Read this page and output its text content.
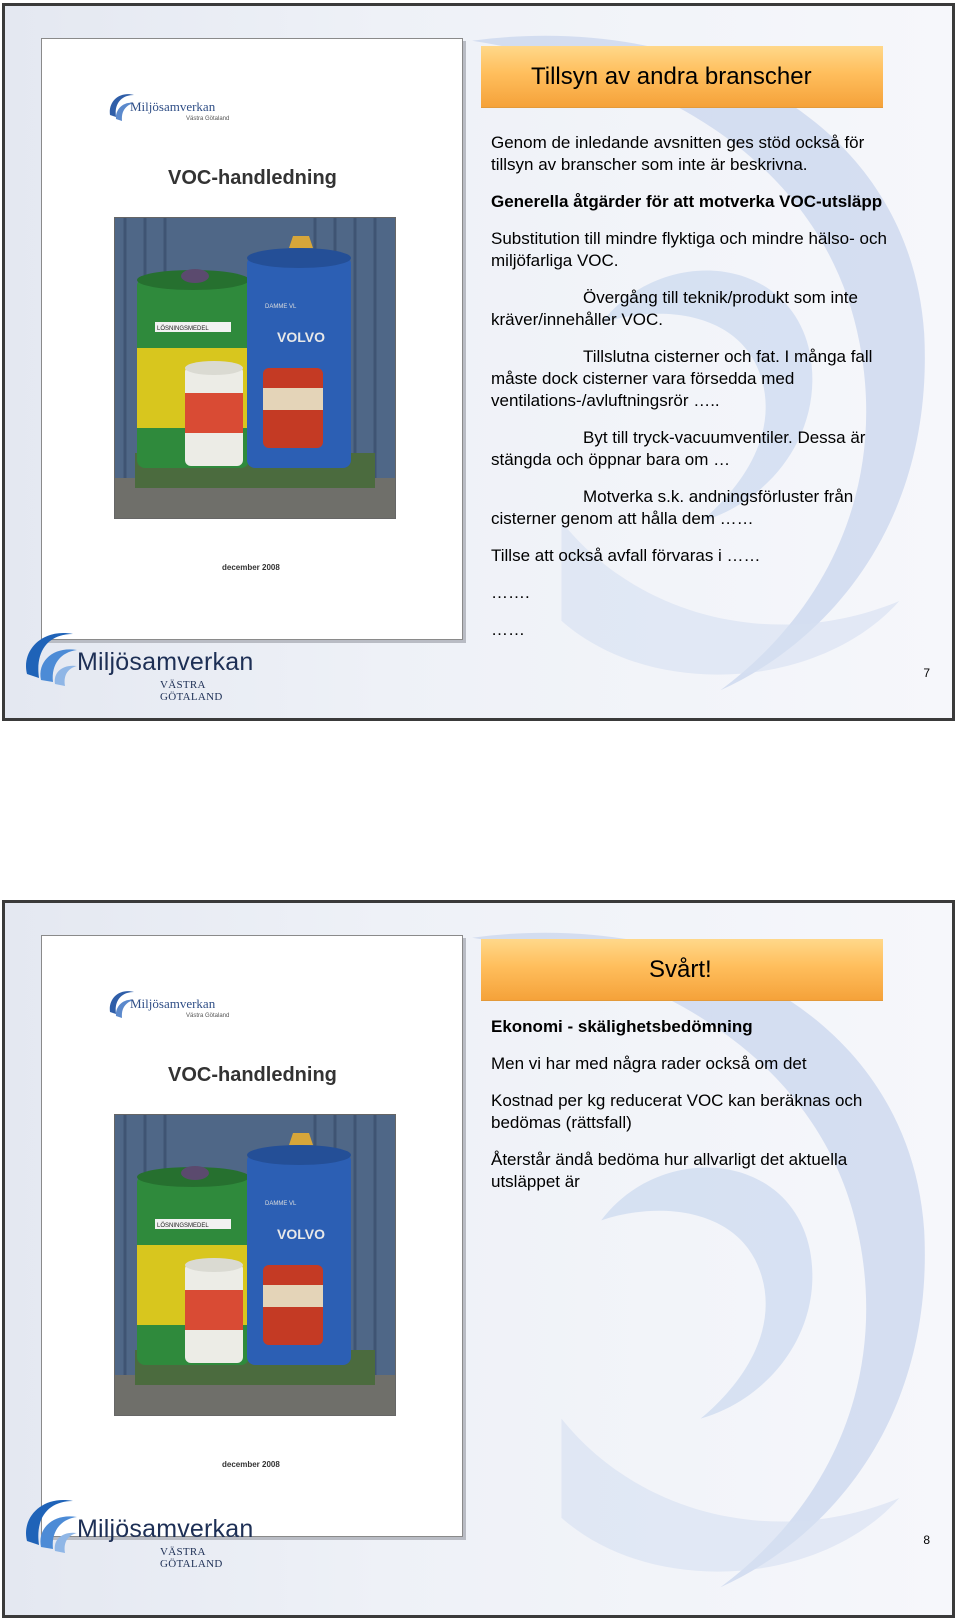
Miljösamverkan
Västra Götaland
VOC-handledning
LÖSNINGSMEDEL
DAMME VL
VOLVO
december 2008
Miljösamverkan
VÄSTRA GÖTALAND
Tillsyn av andra branscher

Genom de inledande avsnitten ges stöd också för tillsyn av branscher som inte är beskrivna.

Generella åtgärder för att motverka VOC-utsläpp

Substitution till mindre flyktiga och mindre hälso- och miljöfarliga VOC.

Övergång till teknik/produkt som inte kräver/innehåller VOC.

Tillslutna cisterner och fat. I många fall måste dock cisterner vara försedda med ventilations-/avluftningsrör …..

Byt till tryck-vacuumventiler. Dessa är stängda och öppnar bara om …

Motverka s.k. andningsförluster från cisterner genom att hålla dem ……

Tillse att också avfall förvaras i ……

…….

……

7
Miljösamverkan
Västra Götaland
VOC-handledning
LÖSNINGSMEDEL
DAMME VL
VOLVO
december 2008
Miljösamverkan
VÄSTRA GÖTALAND
Svårt!

Ekonomi - skälighetsbedömning

Men vi har med några rader också om det

Kostnad per kg reducerat VOC kan beräknas och bedömas (rättsfall)

Återstår ändå bedöma hur allvarligt det aktuella utsläppet är

8
